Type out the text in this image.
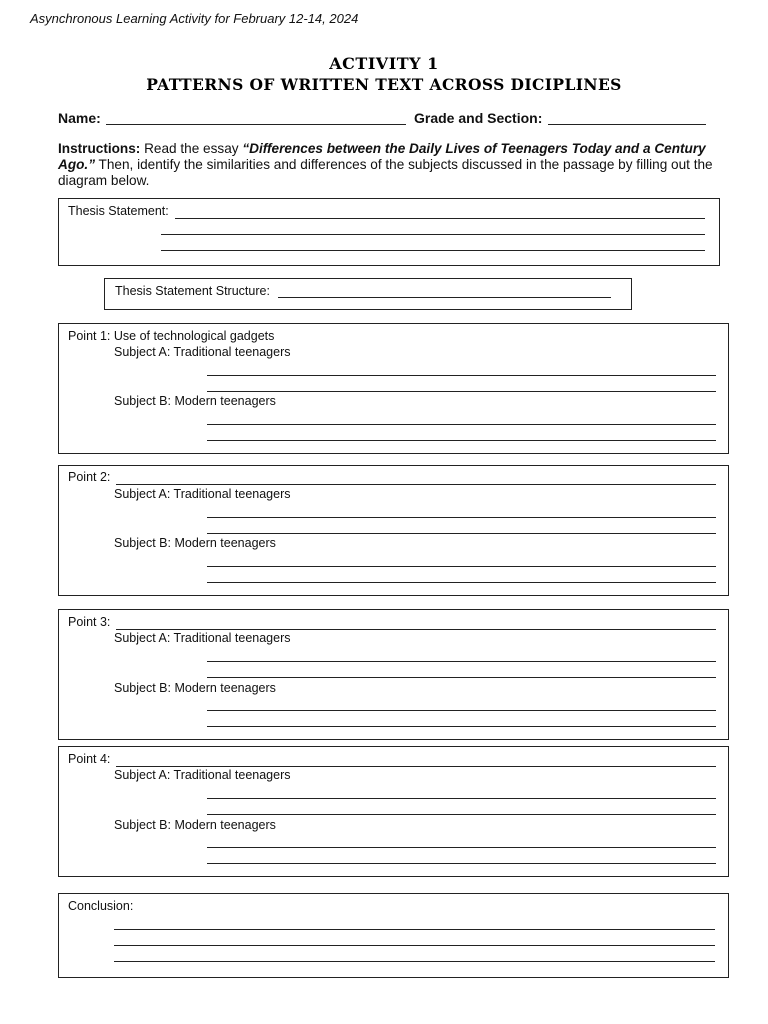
Asynchronous Learning Activity for February 12-14, 2024
ACTIVITY 1
PATTERNS OF WRITTEN TEXT ACROSS DICIPLINES
Name:	Grade and Section:
Instructions: Read the essay “Differences between the Daily Lives of Teenagers Today and a Century Ago.” Then, identify the similarities and differences of the subjects discussed in the passage by filling out the diagram below.
Thesis Statement:
Thesis Statement Structure:
Point 1: Use of technological gadgets
Subject A: Traditional teenagers
Subject B: Modern teenagers
Point 2:
Subject A: Traditional teenagers
Subject B: Modern teenagers
Point 3:
Subject A: Traditional teenagers
Subject B: Modern teenagers
Point 4:
Subject A: Traditional teenagers
Subject B: Modern teenagers
Conclusion:
